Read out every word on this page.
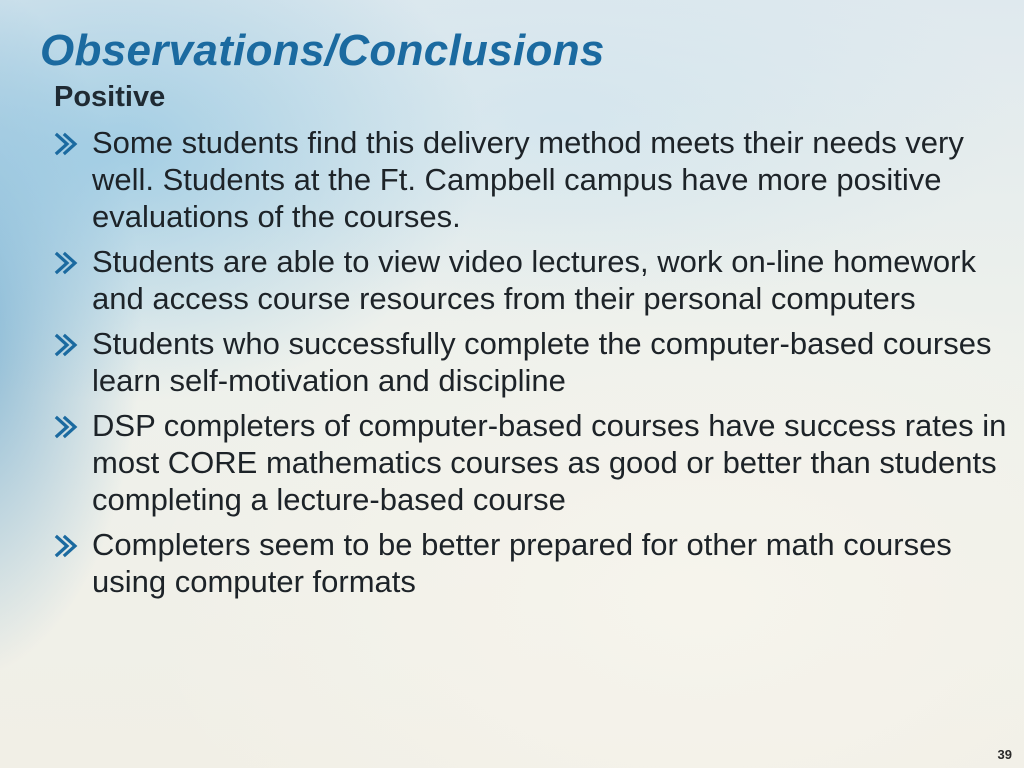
Observations/Conclusions
Positive
Some students find this delivery method meets their needs very well. Students at the Ft. Campbell campus have more positive evaluations of the courses.
Students are able to view video lectures, work on-line homework and access course resources from their personal computers
Students who successfully complete the computer-based courses learn self-motivation and discipline
DSP completers of computer-based courses have success rates in most CORE mathematics courses as good or better than students completing a lecture-based course
Completers seem to be better prepared for other math courses using computer formats
39
